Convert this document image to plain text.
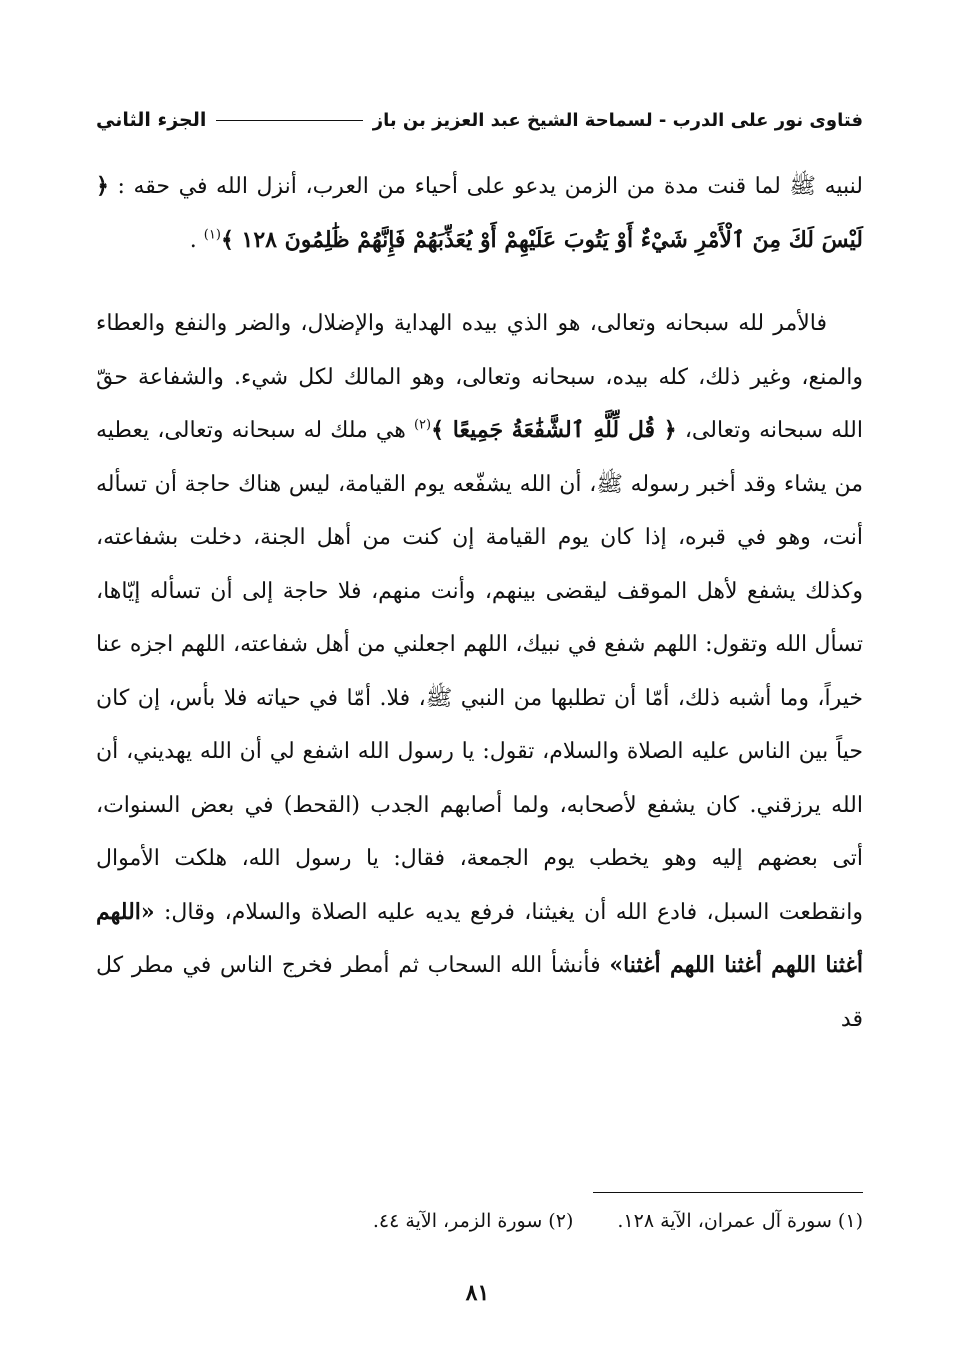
فتاوى نور على الدرب - لسماحة الشيخ عبد العزيز بن باز
الجزء الثاني
لنبيه ﷺ لما قنت مدة من الزمن يدعو على أحياء من العرب، أنزل الله في حقه : ﴿ لَيْسَ لَكَ مِنَ ٱلْأَمْرِ شَيْءٌ أَوْ يَتُوبَ عَلَيْهِمْ أَوْ يُعَذِّبَهُمْ فَإِنَّهُمْ ظَٰلِمُونَ ١٢٨ ﴾$^{(١)}$ .
فالأمر لله سبحانه وتعالى، هو الذي بيده الهداية والإضلال، والضر والنفع والعطاء والمنع، وغير ذلك، كله بيده، سبحانه وتعالى، وهو المالك لكل شيء. والشفاعة حقّ الله سبحانه وتعالى، ﴿ قُل لِّلَّهِ ٱلشَّفَٰعَةُ جَمِيعًا ﴾$^{(٢)}$ هي ملك له سبحانه وتعالى، يعطيه من يشاء وقد أخبر رسوله ﷺ، أن الله يشفّعه يوم القيامة، ليس هناك حاجة أن تسأله أنت، وهو في قبره، إذا كان يوم القيامة إن كنت من أهل الجنة، دخلت بشفاعته، وكذلك يشفع لأهل الموقف ليقضى بينهم، وأنت منهم، فلا حاجة إلى أن تسأله إيّاها، تسأل الله وتقول: اللهم شفع في نبيك، اللهم اجعلني من أهل شفاعته، اللهم اجزه عنا خيراً، وما أشبه ذلك، أمّا أن تطلبها من النبي ﷺ، فلا. أمّا في حياته فلا بأس، إن كان حياً بين الناس عليه الصلاة والسلام، تقول: يا رسول الله اشفع لي أن الله يهديني، أن الله يرزقني. كان يشفع لأصحابه، ولما أصابهم الجدب (القحط) في بعض السنوات، أتى بعضهم إليه وهو يخطب يوم الجمعة، فقال: يا رسول الله، هلكت الأموال وانقطعت السبل، فادع الله أن يغيثنا، فرفع يديه عليه الصلاة والسلام، وقال: «اللهم أغثنا اللهم أغثنا اللهم أغثنا» فأنشأ الله السحاب ثم أمطر فخرج الناس في مطر كل قد
(١) سورة آل عمران، الآية ١٢٨.
(٢) سورة الزمر، الآية ٤٤.
٨١
